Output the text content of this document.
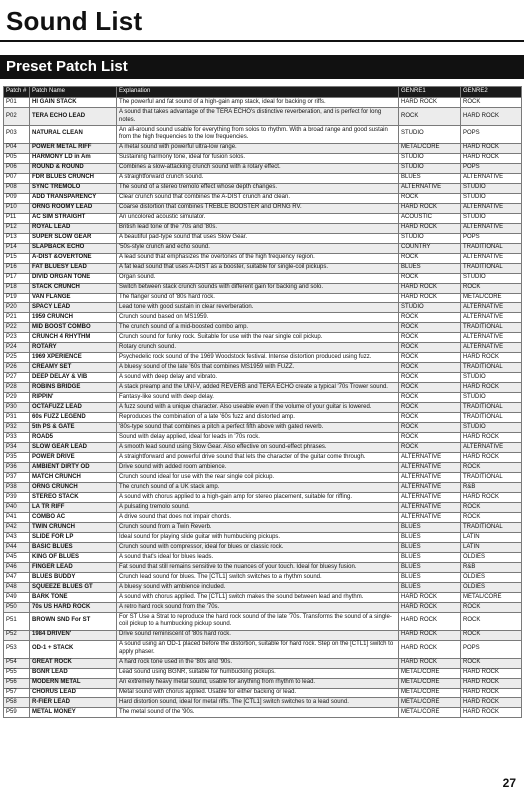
Sound List
Preset Patch List
Patch #	Patch Name	Explanation	GENRE1	GENRE2
P01	HI GAIN STACK	The powerful and fat sound of a high-gain amp stack, ideal for backing or riffs.	HARD ROCK	ROCK
P02	TERA ECHO LEAD	A sound that takes advantage of the TERA ECHO's distinctive reverberation, and is perfect for long notes.	ROCK	HARD ROCK
P03	NATURAL CLEAN	An all-around sound usable for everything from solos to rhythm. With a broad range and good sustain from the high frequencies to the low frequencies.	STUDIO	POPS
P04	POWER METAL RIFF	A metal sound with powerful ultra-low range.	METAL/CORE	HARD ROCK
P05	HARMONY LD in Am	Sustaining harmony tone, ideal for fusion solos.	STUDIO	HARD ROCK
P06	ROUND & ROUND	Combines a slow-attacking crunch sound with a rotary effect.	STUDIO	POPS
P07	FDR BLUES CRUNCH	A straightforward crunch sound.	BLUES	ALTERNATIVE
P08	SYNC TREMOLO	The sound of a stereo tremolo effect whose depth changes.	ALTERNATIVE	STUDIO
P09	ADD TRANSPARENCY	Clear crunch sound that combines the A-DIST crunch and clean.	ROCK	STUDIO
P10	ORNG ROOMY LEAD	Coarse distortion that combines TREBLE BOOSTER and ORNG RV.	HARD ROCK	ALTERNATIVE
P11	AC SIM STRAIGHT	An uncolored acoustic simulator.	ACOUSTIC	STUDIO
P12	ROYAL LEAD	British lead tone of the '70s and '80s.	HARD ROCK	ALTERNATIVE
P13	SUPER SLOW GEAR	A beautiful pad-type sound that uses Slow Gear.	STUDIO	POPS
P14	SLAPBACK ECHO	'50s-style crunch and echo sound.	COUNTRY	TRADITIONAL
P15	A-DIST &OVERTONE	A lead sound that emphasizes the overtones of the high frequency region.	ROCK	ALTERNATIVE
P16	FAT BLUESY LEAD	A fat lead sound that uses A-DIST as a booster, suitable for single-coil pickups.	BLUES	TRADITIONAL
P17	DIVID ORGAN TONE	Organ sound.	ROCK	STUDIO
P18	STACK CRUNCH	Switch between stack crunch sounds with different gain for backing and solo.	HARD ROCK	ROCK
P19	VAN FLANGE	The flanger sound of '80s hard rock.	HARD ROCK	METAL/CORE
P20	SPACY LEAD	Lead tone with good sustain in clear reverberation.	STUDIO	ALTERNATIVE
P21	1959 CRUNCH	Crunch sound based on MS1959.	ROCK	ALTERNATIVE
P22	MID BOOST COMBO	The crunch sound of a mid-boosted combo amp.	ROCK	TRADITIONAL
P23	CRUNCH 4 RHYTHM	Crunch sound for funky rock. Suitable for use with the rear single coil pickup.	ROCK	ALTERNATIVE
P24	ROTARY	Rotary crunch sound.	ROCK	ALTERNATIVE
P25	1969 XPERIENCE	Psychedelic rock sound of the 1969 Woodstock festival. Intense distortion produced using fuzz.	ROCK	HARD ROCK
P26	CREAMY SET	A bluesy sound of the late '60s that combines MS1959 with FUZZ.	ROCK	TRADITIONAL
P27	DEEP DELAY & VIB	A sound with deep delay and vibrato.	ROCK	STUDIO
P28	ROBINS BRIDGE	A stack preamp and the UNI-V, added REVERB and TERA ECHO create a typical '70s Trower sound.	ROCK	HARD ROCK
P29	RIPPIN'	Fantasy-like sound with deep delay.	ROCK	STUDIO
P30	OCTAFUZZ LEAD	A fuzz sound with a unique character. Also useable even if the volume of your guitar is lowered.	ROCK	TRADITIONAL
P31	60s FUZZ LEGEND	Reproduces the combination of a late '60s fuzz and distorted amp.	ROCK	TRADITIONAL
P32	5th PS & GATE	'80s-type sound that combines a pitch a perfect fifth above with gated reverb.	ROCK	STUDIO
P33	ROAD5	Sound with delay applied, ideal for leads in '70s rock.	ROCK	HARD ROCK
P34	SLOW GEAR LEAD	A smooth lead sound using Slow Gear. Also effective on sound-effect phrases.	ROCK	ALTERNATIVE
P35	POWER DRIVE	A straightforward and powerful drive sound that lets the character of the guitar come through.	ALTERNATIVE	HARD ROCK
P36	AMBIENT DIRTY OD	Drive sound with added room ambience.	ALTERNATIVE	ROCK
P37	MATCH CRUNCH	Crunch sound ideal for use with the rear single coil pickup.	ALTERNATIVE	TRADITIONAL
P38	ORNG CRUNCH	The crunch sound of a UK stack amp.	ALTERNATIVE	R&B
P39	STEREO STACK	A sound with chorus applied to a high-gain amp for stereo placement, suitable for riffing.	ALTERNATIVE	HARD ROCK
P40	LA TR RIFF	A pulsating tremolo sound.	ALTERNATIVE	ROCK
P41	COMBO AC	A drive sound that does not impair chords.	ALTERNATIVE	ROCK
P42	TWIN CRUNCH	Crunch sound from a Twin Reverb.	BLUES	TRADITIONAL
P43	SLIDE FOR LP	Ideal sound for playing slide guitar with humbucking pickups.	BLUES	LATIN
P44	BASIC BLUES	Crunch sound with compressor, ideal for blues or classic rock.	BLUES	LATIN
P45	KING OF BLUES	A sound that's ideal for blues leads.	BLUES	OLDIES
P46	FINGER LEAD	Fat sound that still remains sensitive to the nuances of your touch. Ideal for bluesy fusion.	BLUES	R&B
P47	BLUES BUDDY	Crunch lead sound for blues. The [CTL1] switch switches to a rhythm sound.	BLUES	OLDIES
P48	SQUEEZE BLUES GT	A bluesy sound with ambience included.	BLUES	OLDIES
P49	BARK TONE	A sound with chorus applied. The [CTL1] switch makes the sound between lead and rhythm.	HARD ROCK	METAL/CORE
P50	70s US HARD ROCK	A retro hard rock sound from the '70s.	HARD ROCK	ROCK
P51	BROWN SND For ST	For ST Use a Strat to reproduce the hard rock sound of the late '70s. Transforms the sound of a single-coil pickup to a humbucking pickup sound.	HARD ROCK	ROCK
P52	1984 DRIVEN'	Drive sound reminiscent of '80s hard rock.	HARD ROCK	ROCK
P53	OD-1 + STACK	A sound using an OD-1 placed before the distortion, suitable for hard rock. Step on the [CTL1] switch to apply phaser.	HARD ROCK	POPS
P54	GREAT ROCK	A hard rock tone used in the '80s and '90s.	HARD ROCK	ROCK
P55	BGNR LEAD	Lead sound using BGNR, suitable for humbucking pickups.	METAL/CORE	HARD ROCK
P56	MODERN METAL	An extremely heavy metal sound, usable for anything from rhythm to lead.	METAL/CORE	HARD ROCK
P57	CHORUS LEAD	Metal sound with chorus applied. Usable for either backing or lead.	METAL/CORE	HARD ROCK
P58	R-FIER LEAD	Hard distortion sound, ideal for metal riffs. The [CTL1] switch switches to a lead sound.	METAL/CORE	HARD ROCK
P59	METAL MONEY	The metal sound of the '90s.	METAL/CORE	HARD ROCK
27
